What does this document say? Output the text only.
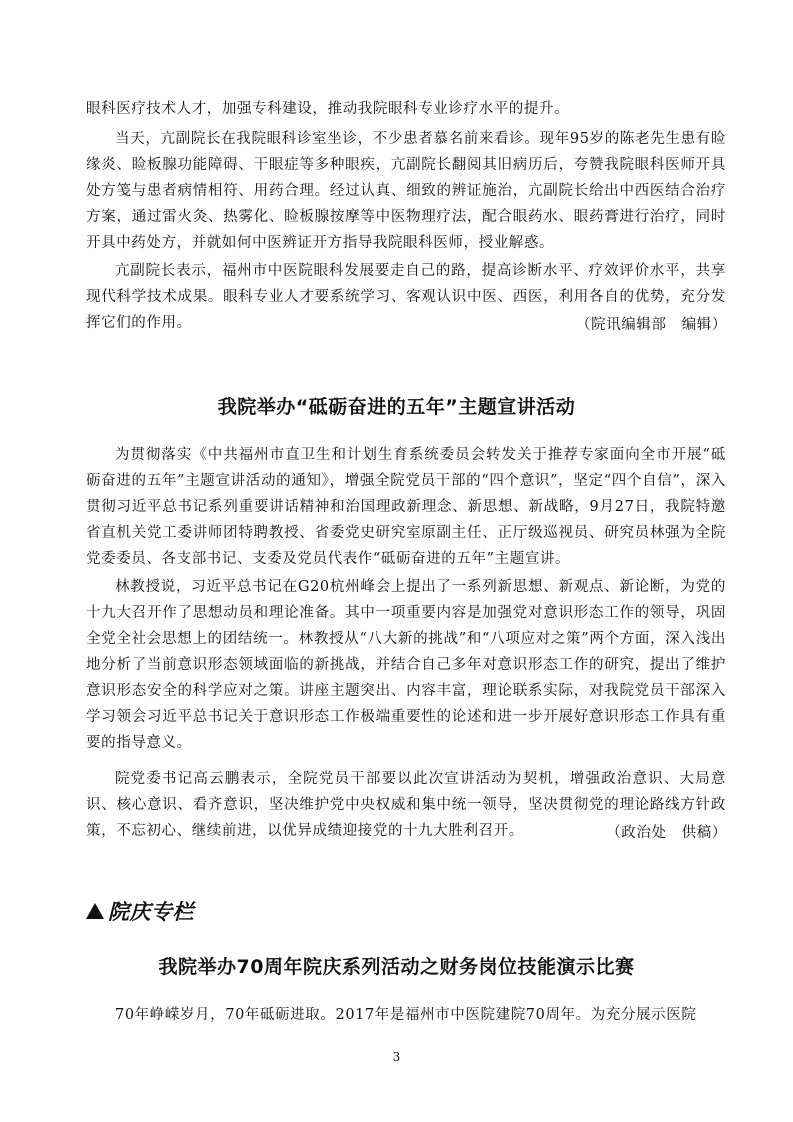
眼科医疗技术人才，加强专科建设，推动我院眼科专业诊疗水平的提升。

当天，亢副院长在我院眼科诊室坐诊，不少患者慕名前来看诊。现年95岁的陈老先生患有睑缘炎、睑板腺功能障碍、干眼症等多种眼疾，亢副院长翻阅其旧病历后，夸赞我院眼科医师开具处方笺与患者病情相符、用药合理。经过认真、细致的辨证施治，亢副院长给出中西医结合治疗方案，通过雷火灸、热雾化、睑板腺按摩等中医物理疗法，配合眼药水、眼药膏进行治疗，同时开具中药处方，并就如何中医辨证开方指导我院眼科医师，授业解惑。

亢副院长表示，福州市中医院眼科发展要走自己的路，提高诊断水平、疗效评价水平，共享现代科学技术成果。眼科专业人才要系统学习、客观认识中医、西医，利用各自的优势，充分发挥它们的作用。	（院讯编辑部　编辑）
我院举办“砥砺奋进的五年”主题宣讲活动

为贯彻落实《中共福州市直卫生和计划生育系统委员会转发关于推荐专家面向全市开展“砥砺奋进的五年”主题宣讲活动的通知》，增强全院党员干部的“四个意识”，坚定“四个自信”，深入贯彻习近平总书记系列重要讲话精神和治国理政新理念、新思想、新战略，9月27日，我院特邀省直机关党工委讲师团特聘教授、省委党史研究室原副主任、正厅级巡视员、研究员林强为全院党委委员、各支部书记、支委及党员代表作“砥砺奋进的五年”主题宣讲。

林教授说，习近平总书记在G20杭州峰会上提出了一系列新思想、新观点、新论断，为党的十九大召开作了思想动员和理论准备。其中一项重要内容是加强党对意识形态工作的领导，巩固全党全社会思想上的团结统一。林教授从“八大新的挑战”和“八项应对之策”两个方面，深入浅出地分析了当前意识形态领域面临的新挑战，并结合自己多年对意识形态工作的研究，提出了维护意识形态安全的科学应对之策。讲座主题突出、内容丰富，理论联系实际，对我院党员干部深入学习领会习近平总书记关于意识形态工作极端重要性的论述和进一步开展好意识形态工作具有重要的指导意义。

院党委书记高云鹏表示，全院党员干部要以此次宣讲活动为契机，增强政治意识、大局意识、核心意识、看齐意识，坚决维护党中央权威和集中统一领导，坚决贯彻党的理论路线方针政策，不忘初心、继续前进，以优异成绩迎接党的十九大胜利召开。	（政治处　供稿）
院庆专栏
我院举办70周年院庆系列活动之财务岗位技能演示比赛

70年峥嵘岁月，70年砥砺进取。2017年是福州市中医院建院70周年。为充分展示医院

3
